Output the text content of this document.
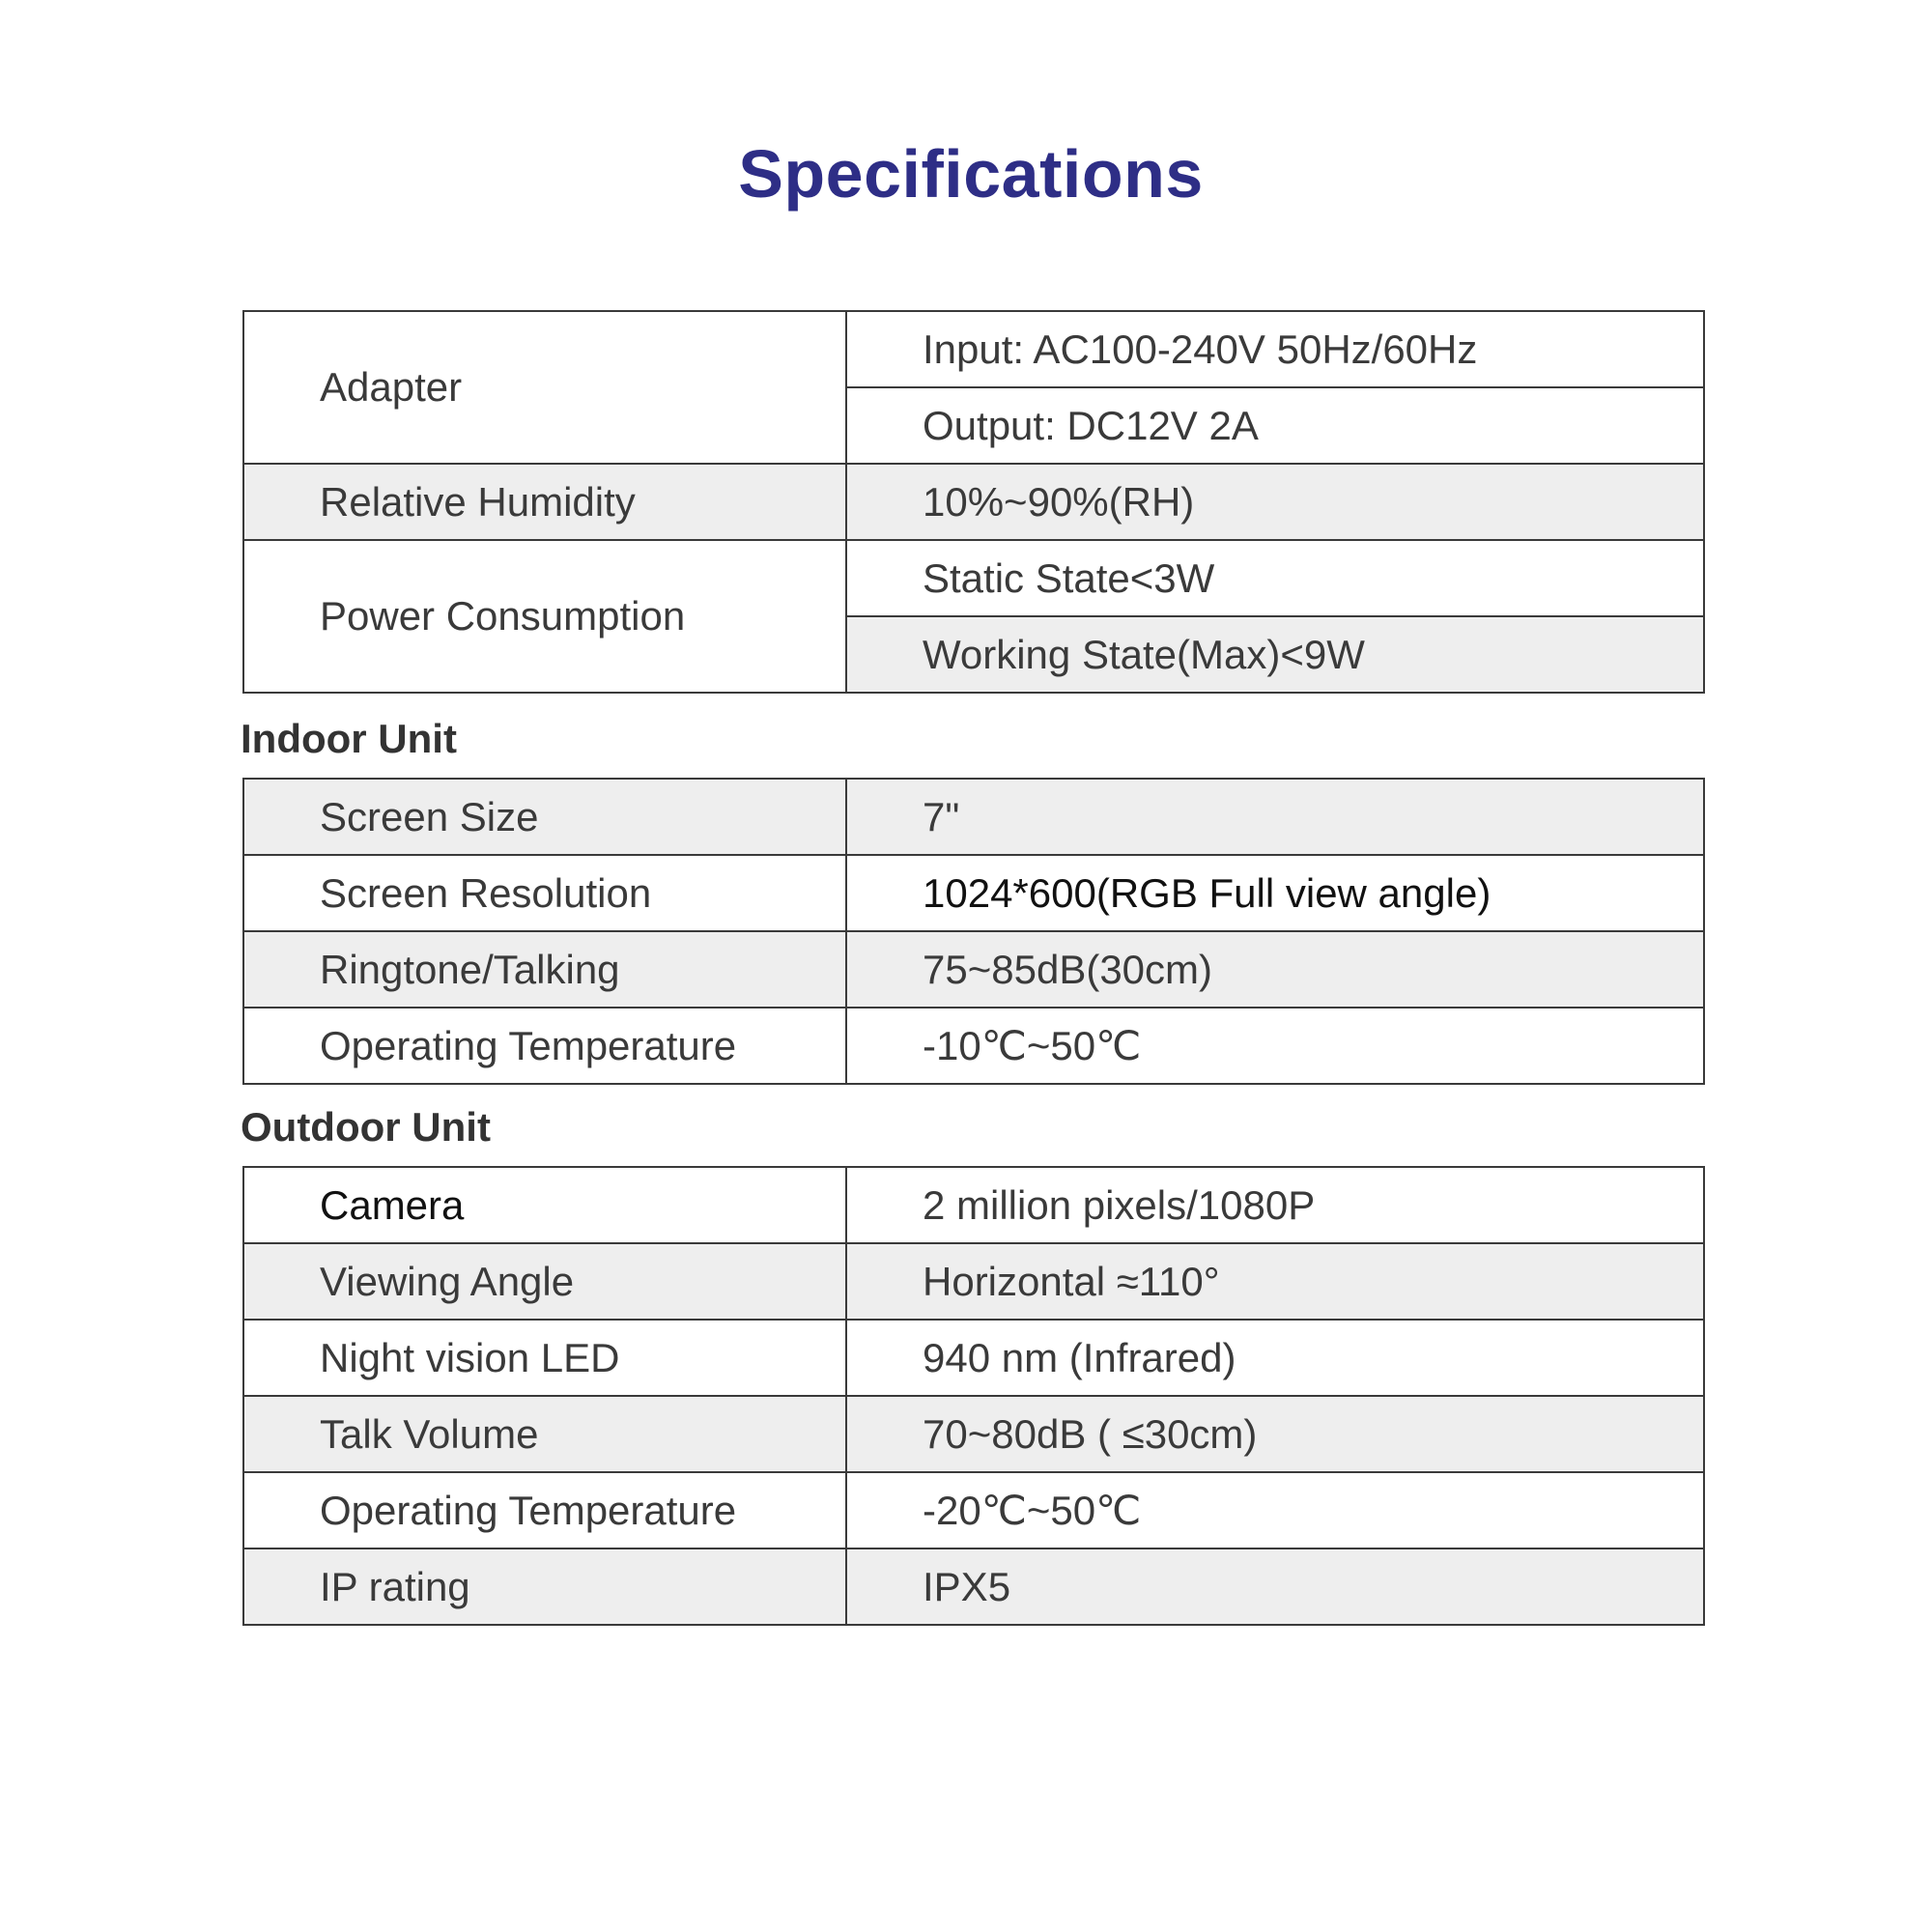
Specifications
Adapter	Input: AC100-240V 50Hz/60Hz
	Output: DC12V 2A
Relative Humidity	10%~90%(RH)
Power Consumption	Static State<3W
	Working State(Max)<9W
Indoor Unit
Screen Size	7"
Screen Resolution	1024*600(RGB Full view angle)
Ringtone/Talking	75~85dB(30cm)
Operating Temperature	-10℃~50℃
Outdoor Unit
Camera	2 million pixels/1080P
Viewing Angle	Horizontal ≈110°
Night vision LED	940 nm (Infrared)
Talk Volume	70~80dB ( ≤30cm)
Operating Temperature	-20℃~50℃
IP rating	IPX5
